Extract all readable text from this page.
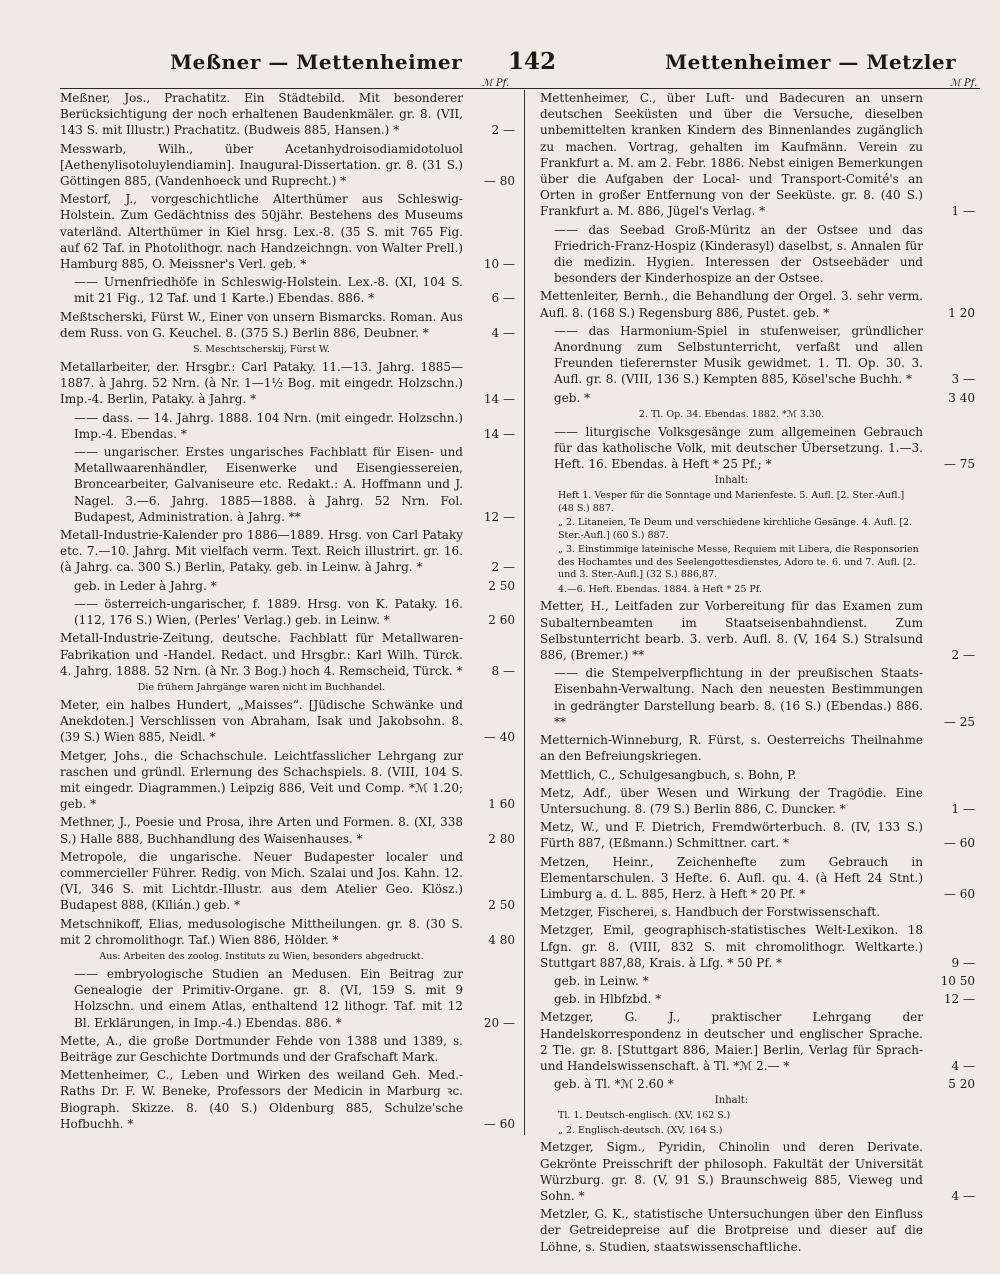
Meßner — Mettenheimer 142	Mettenheimer — Metzler
ℳ Pf.	ℳ Pf.
Meßner, Jos., Prachatitz. Ein Städtebild. Mit besonderer Berücksichtigung der noch erhaltenen Baudenkmäler. gr. 8. (VII, 143 S. mit Illustr.) Prachatitz. (Budweis 885, Hansen.) *	2 —
Messwarb, Wilh., über Acetanhydroisodiamidotoluol [Aethenylisotoluylendiamin]. Inaugural-Dissertation. gr. 8. (31 S.) Göttingen 885, (Vandenhoeck und Ruprecht.) *	— 80
Mestorf, J., vorgeschichtliche Alterthümer aus Schleswig-Holstein. Zum Gedächtniss des 50jähr. Bestehens des Museums vaterländ. Alterthümer in Kiel hrsg. Lex.-8. (35 S. mit 765 Fig. auf 62 Taf. in Photolithogr. nach Handzeichngn. von Walter Prell.) Hamburg 885, O. Meissner's Verl. geb. *	10 —
—— Urnenfriedhöfe in Schleswig-Holstein. Lex.-8. (XI, 104 S. mit 21 Fig., 12 Taf. und 1 Karte.) Ebendas. 886. *	6 —
Meßtscherski, Fürst W., Einer von unsern Bismarcks. Roman. Aus dem Russ. von G. Keuchel. 8. (375 S.) Berlin 886, Deubner. *	4 —
S. Meschtscherskij, Fürst W.
Metallarbeiter, der. Hrsgbr.: Carl Pataky. 11.—13. Jahrg. 1885—1887. à Jahrg. 52 Nrn. (à Nr. 1—1½ Bog. mit eingedr. Holzschn.) Imp.-4. Berlin, Pataky. à Jahrg. *	14 —
—— dass. — 14. Jahrg. 1888. 104 Nrn. (mit eingedr. Holzschn.) Imp.-4. Ebendas. *	14 —
—— ungarischer. Erstes ungarisches Fachblatt für Eisen- und Metallwaarenhändler, Eisenwerke und Eisengiessereien, Broncearbeiter, Galvaniseure etc. Redakt.: A. Hoffmann und J. Nagel. 3.—6. Jahrg. 1885—1888. à Jahrg. 52 Nrn. Fol. Budapest, Administration. à Jahrg. **	12 —
Metall-Industrie-Kalender pro 1886—1889. Hrsg. von Carl Pataky etc. 7.—10. Jahrg. Mit vielfach verm. Text. Reich illustrirt. gr. 16. (à Jahrg. ca. 300 S.) Berlin, Pataky. geb. in Leinw. à Jahrg. *	2 —
geb. in Leder à Jahrg. *	2 50
—— österreich-ungarischer, f. 1889. Hrsg. von K. Pataky. 16. (112, 176 S.) Wien, (Perles' Verlag.) geb. in Leinw. *	2 60
Metall-Industrie-Zeitung, deutsche. Fachblatt für Metallwaren-Fabrikation und -Handel. Redact. und Hrsgbr.: Karl Wilh. Türck. 4. Jahrg. 1888. 52 Nrn. (à Nr. 3 Bog.) hoch 4. Remscheid, Türck. *	8 —
Die frühern Jahrgänge waren nicht im Buchhandel.
Meter, ein halbes Hundert, „Maisses“. [Jüdische Schwänke und Anekdoten.] Verschlissen von Abraham, Isak und Jakobsohn. 8. (39 S.) Wien 885, Neidl. *	— 40
Metger, Johs., die Schachschule. Leichtfasslicher Lehrgang zur raschen und gründl. Erlernung des Schachspiels. 8. (VIII, 104 S. mit eingedr. Diagrammen.) Leipzig 886, Veit und Comp. *ℳ 1.20; geb. *	1 60
Methner, J., Poesie und Prosa, ihre Arten und Formen. 8. (XI, 338 S.) Halle 888, Buchhandlung des Waisenhauses. *	2 80
Metropole, die ungarische. Neuer Budapester localer und commercieller Führer. Redig. von Mich. Szalai und Jos. Kahn. 12. (VI, 346 S. mit Lichtdr.-Illustr. aus dem Atelier Geo. Klösz.) Budapest 888, (Kilián.) geb. *	2 50
Metschnikoff, Elias, medusologische Mittheilungen. gr. 8. (30 S. mit 2 chromolithogr. Taf.) Wien 886, Hölder. *	4 80
Aus: Arbeiten des zoolog. Instituts zu Wien, besonders abgedruckt.
—— embryologische Studien an Medusen. Ein Beitrag zur Genealogie der Primitiv-Organe. gr. 8. (VI, 159 S. mit 9 Holzschn. und einem Atlas, enthaltend 12 lithogr. Taf. mit 12 Bl. Erklärungen, in Imp.-4.) Ebendas. 886. *	20 —
Mette, A., die große Dortmunder Fehde von 1388 und 1389, s. Beiträge zur Geschichte Dortmunds und der Grafschaft Mark.
Mettenheimer, C., Leben und Wirken des weiland Geh. Med.-Raths Dr. F. W. Beneke, Professors der Medicin in Marburg ꝛc. Biograph. Skizze. 8. (40 S.) Oldenburg 885, Schulze'sche Hofbuchh. *	— 60
Mettenheimer, C., über Luft- und Badecuren an unsern deutschen Seeküsten und über die Versuche, dieselben unbemittelten kranken Kindern des Binnenlandes zugänglich zu machen. Vortrag, gehalten im Kaufmänn. Verein zu Frankfurt a. M. am 2. Febr. 1886. Nebst einigen Bemerkungen über die Aufgaben der Local- und Transport-Comité's an Orten in großer Entfernung von der Seeküste. gr. 8. (40 S.) Frankfurt a. M. 886, Jügel's Verlag. *	1 —
—— das Seebad Groß-Müritz an der Ostsee und das Friedrich-Franz-Hospiz (Kinderasyl) daselbst, s. Annalen für die medizin. Hygien. Interessen der Ostseebäder und besonders der Kinderhospize an der Ostsee.
Mettenleiter, Bernh., die Behandlung der Orgel. 3. sehr verm. Aufl. 8. (168 S.) Regensburg 886, Pustet. geb. *	1 20
—— das Harmonium-Spiel in stufenweiser, gründlicher Anordnung zum Selbstunterricht, verfaßt und allen Freunden tieferernster Musik gewidmet. 1. Tl. Op. 30. 3. Aufl. gr. 8. (VIII, 136 S.) Kempten 885, Kösel'sche Buchh. *	3 —
geb. *	3 40
2. Tl. Op. 34. Ebendas. 1882. *ℳ 3.30.
—— liturgische Volksgesänge zum allgemeinen Gebrauch für das katholische Volk, mit deutscher Übersetzung. 1.—3. Heft. 16. Ebendas. à Heft * 25 Pf.; *	— 75
Inhalt:
Heft 1. Vesper für die Sonntage und Marienfeste. 5. Aufl. [2. Ster.-Aufl.] (48 S.) 887.
„ 2. Litaneien, Te Deum und verschiedene kirchliche Gesänge. 4. Aufl. [2. Ster.-Aufl.] (60 S.) 887.
„ 3. Einstimmige lateinische Messe, Requiem mit Libera, die Responsorien des Hochamtes und des Seelengottesdienstes, Adoro te. 6. und 7. Aufl. [2. und 3. Ster.-Aufl.] (32 S.) 886,87.
4.—6. Heft. Ebendas. 1884. à Heft * 25 Pf.
Metter, H., Leitfaden zur Vorbereitung für das Examen zum Subalternbeamten im Staatseisenbahndienst. Zum Selbstunterricht bearb. 3. verb. Aufl. 8. (V, 164 S.) Stralsund 886, (Bremer.) **	2 —
—— die Stempelverpflichtung in der preußischen Staats-Eisenbahn-Verwaltung. Nach den neuesten Bestimmungen in gedrängter Darstellung bearb. 8. (16 S.) (Ebendas.) 886. **	— 25
Metternich-Winneburg, R. Fürst, s. Oesterreichs Theilnahme an den Befreiungskriegen.
Mettlich, C., Schulgesangbuch, s. Bohn, P.
Metz, Adf., über Wesen und Wirkung der Tragödie. Eine Untersuchung. 8. (79 S.) Berlin 886, C. Duncker. *	1 —
Metz, W., und F. Dietrich, Fremdwörterbuch. 8. (IV, 133 S.) Fürth 887, (Eßmann.) Schmittner. cart. *	— 60
Metzen, Heinr., Zeichenhefte zum Gebrauch in Elementarschulen. 3 Hefte. 6. Aufl. qu. 4. (à Heft 24 Stnt.) Limburg a. d. L. 885, Herz. à Heft * 20 Pf. *	— 60
Metzger, Fischerei, s. Handbuch der Forstwissenschaft.
Metzger, Emil, geographisch-statistisches Welt-Lexikon. 18 Lfgn. gr. 8. (VIII, 832 S. mit chromolithogr. Weltkarte.) Stuttgart 887,88, Krais. à Lfg. * 50 Pf. *	9 —
geb. in Leinw. *	10 50
geb. in Hlbfzbd. *	12 —
Metzger, G. J., praktischer Lehrgang der Handelskorrespondenz in deutscher und englischer Sprache. 2 Tle. gr. 8. [Stuttgart 886, Maier.] Berlin, Verlag für Sprach- und Handelswissenschaft. à Tl. *ℳ 2.— *	4 —
geb. à Tl. *ℳ 2.60 *	5 20
Inhalt:
Tl. 1. Deutsch-englisch. (XV, 162 S.)
„ 2. Englisch-deutsch. (XV, 164 S.)
Metzger, Sigm., Pyridin, Chinolin und deren Derivate. Gekrönte Preisschrift der philosoph. Fakultät der Universität Würzburg. gr. 8. (V, 91 S.) Braunschweig 885, Vieweg und Sohn. *	4 —
Metzler, G. K., statistische Untersuchungen über den Einfluss der Getreidepreise auf die Brotpreise und dieser auf die Löhne, s. Studien, staatswissenschaftliche.
